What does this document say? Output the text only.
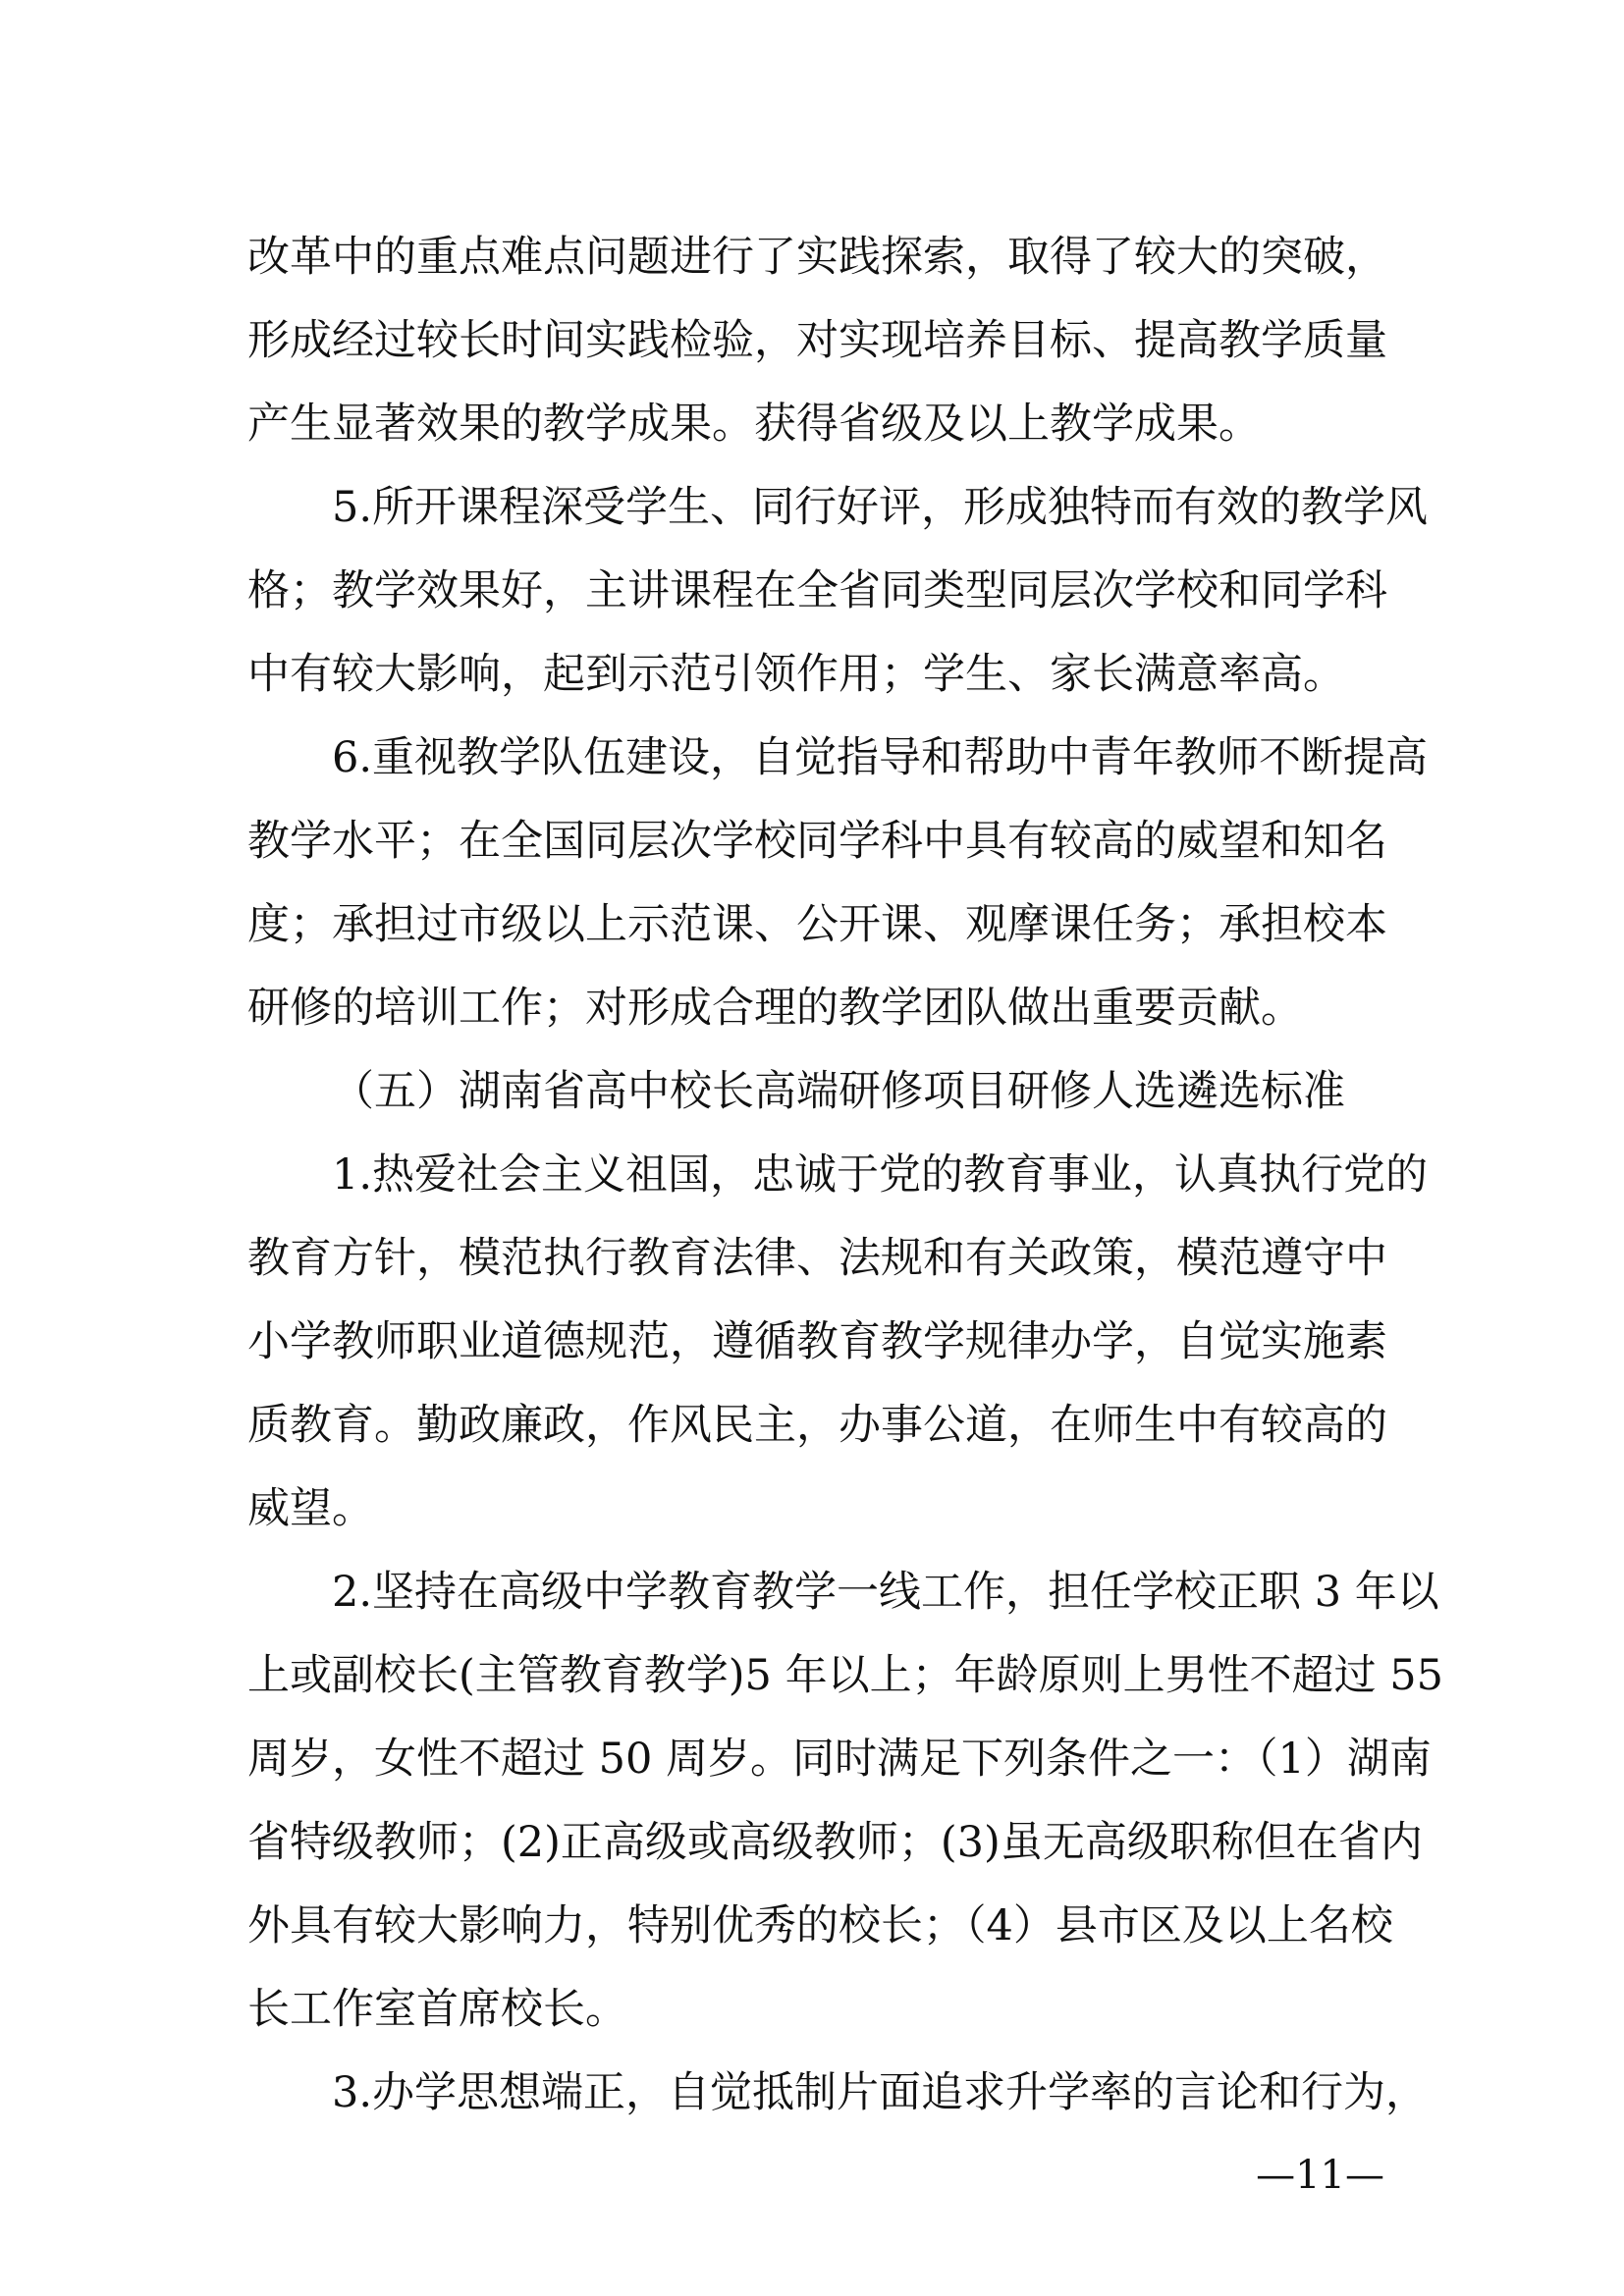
改革中的重点难点问题进行了实践探索，取得了较大的突破，
形成经过较长时间实践检验，对实现培养目标、提高教学质量
产生显著效果的教学成果。获得省级及以上教学成果。
5.所开课程深受学生、同行好评，形成独特而有效的教学风
格；教学效果好，主讲课程在全省同类型同层次学校和同学科
中有较大影响，起到示范引领作用；学生、家长满意率高。
6.重视教学队伍建设，自觉指导和帮助中青年教师不断提高
教学水平；在全国同层次学校同学科中具有较高的威望和知名
度；承担过市级以上示范课、公开课、观摩课任务；承担校本
研修的培训工作；对形成合理的教学团队做出重要贡献。
（五）湖南省高中校长高端研修项目研修人选遴选标准
1.热爱社会主义祖国，忠诚于党的教育事业，认真执行党的
教育方针，模范执行教育法律、法规和有关政策，模范遵守中
小学教师职业道德规范，遵循教育教学规律办学，自觉实施素
质教育。勤政廉政，作风民主，办事公道，在师生中有较高的
威望。
2.坚持在高级中学教育教学一线工作，担任学校正职 3 年以
上或副校长(主管教育教学)5 年以上；年龄原则上男性不超过 55
周岁，女性不超过 50 周岁。同时满足下列条件之一：（1）湖南
省特级教师；(2)正高级或高级教师；(3)虽无高级职称但在省内
外具有较大影响力，特别优秀的校长；（4）县市区及以上名校
长工作室首席校长。
3.办学思想端正，自觉抵制片面追求升学率的言论和行为，
—11—
